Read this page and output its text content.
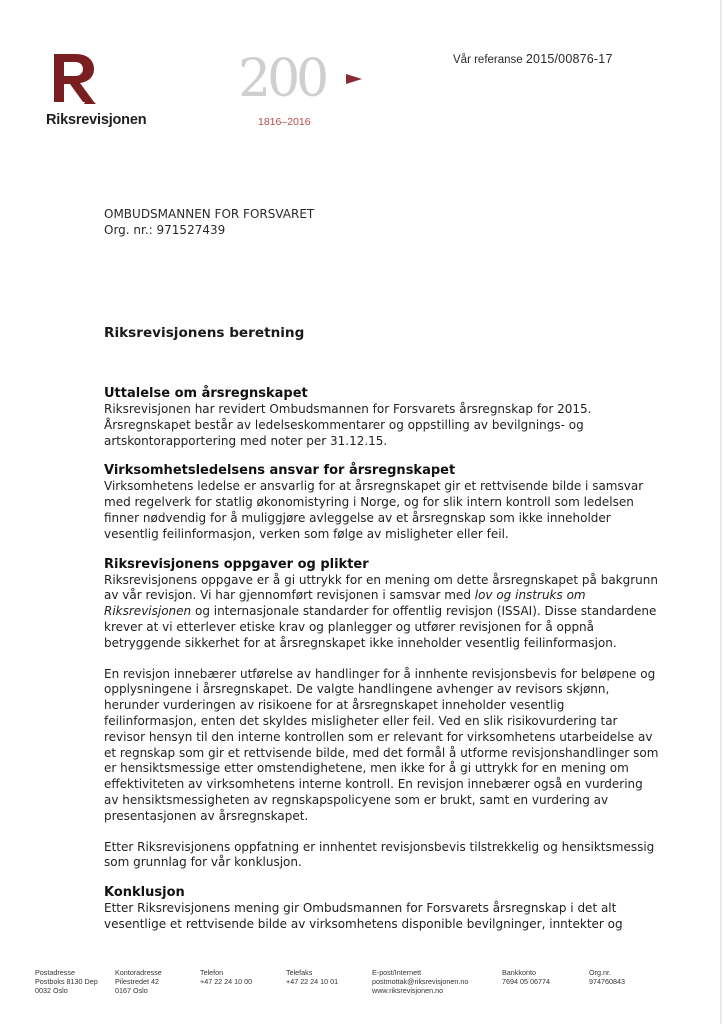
Riksrevisjonen
200
1816–2016
Vår referanse 2015/00876-17
OMBUDSMANNEN FOR FORSVARET
Org. nr.: 971527439
Riksrevisjonens beretning
Uttalelse om årsregnskapet

Riksrevisjonen har revidert Ombudsmannen for Forsvarets årsregnskap for 2015. Årsregnskapet består av ledelseskommentarer og oppstilling av bevilgnings- og artskontorapportering med noter per 31.12.15.

Virksomhetsledelsens ansvar for årsregnskapet

Virksomhetens ledelse er ansvarlig for at årsregnskapet gir et rettvisende bilde i samsvar med regelverk for statlig økonomistyring i Norge, og for slik intern kontroll som ledelsen finner nødvendig for å muliggjøre avleggelse av et årsregnskap som ikke inneholder vesentlig feilinformasjon, verken som følge av misligheter eller feil.

Riksrevisjonens oppgaver og plikter

Riksrevisjonens oppgave er å gi uttrykk for en mening om dette årsregnskapet på bakgrunn av vår revisjon. Vi har gjennomført revisjonen i samsvar med lov og instruks om Riksrevisjonen og internasjonale standarder for offentlig revisjon (ISSAI). Disse standardene krever at vi etterlever etiske krav og planlegger og utfører revisjonen for å oppnå betryggende sikkerhet for at årsregnskapet ikke inneholder vesentlig feilinformasjon.

En revisjon innebærer utførelse av handlinger for å innhente revisjonsbevis for beløpene og opplysningene i årsregnskapet. De valgte handlingene avhenger av revisors skjønn, herunder vurderingen av risikoene for at årsregnskapet inneholder vesentlig feilinformasjon, enten det skyldes misligheter eller feil. Ved en slik risikovurdering tar revisor hensyn til den interne kontrollen som er relevant for virksomhetens utarbeidelse av et regnskap som gir et rettvisende bilde, med det formål å utforme revisjonshandlinger som er hensiktsmessige etter omstendighetene, men ikke for å gi uttrykk for en mening om effektiviteten av virksomhetens interne kontroll. En revisjon innebærer også en vurdering av hensiktsmessigheten av regnskapspolicyene som er brukt, samt en vurdering av presentasjonen av årsregnskapet.

Etter Riksrevisjonens oppfatning er innhentet revisjonsbevis tilstrekkelig og hensiktsmessig som grunnlag for vår konklusjon.

Konklusjon

Etter Riksrevisjonens mening gir Ombudsmannen for Forsvarets årsregnskap i det alt vesentlige et rettvisende bilde av virksomhetens disponible bevilgninger, inntekter og

Postadresse
Postboks 8130 Dep
0032 Oslo
Kontoradresse
Pilestredet 42
0167 Oslo
Telefon
+47 22 24 10 00
Telefaks
+47 22 24 10 01
E-post/Internett
postmottak@riksrevisjonen.no
www.riksrevisjonen.no
Bankkonto
7694 05 06774
Org.nr.
974760843
